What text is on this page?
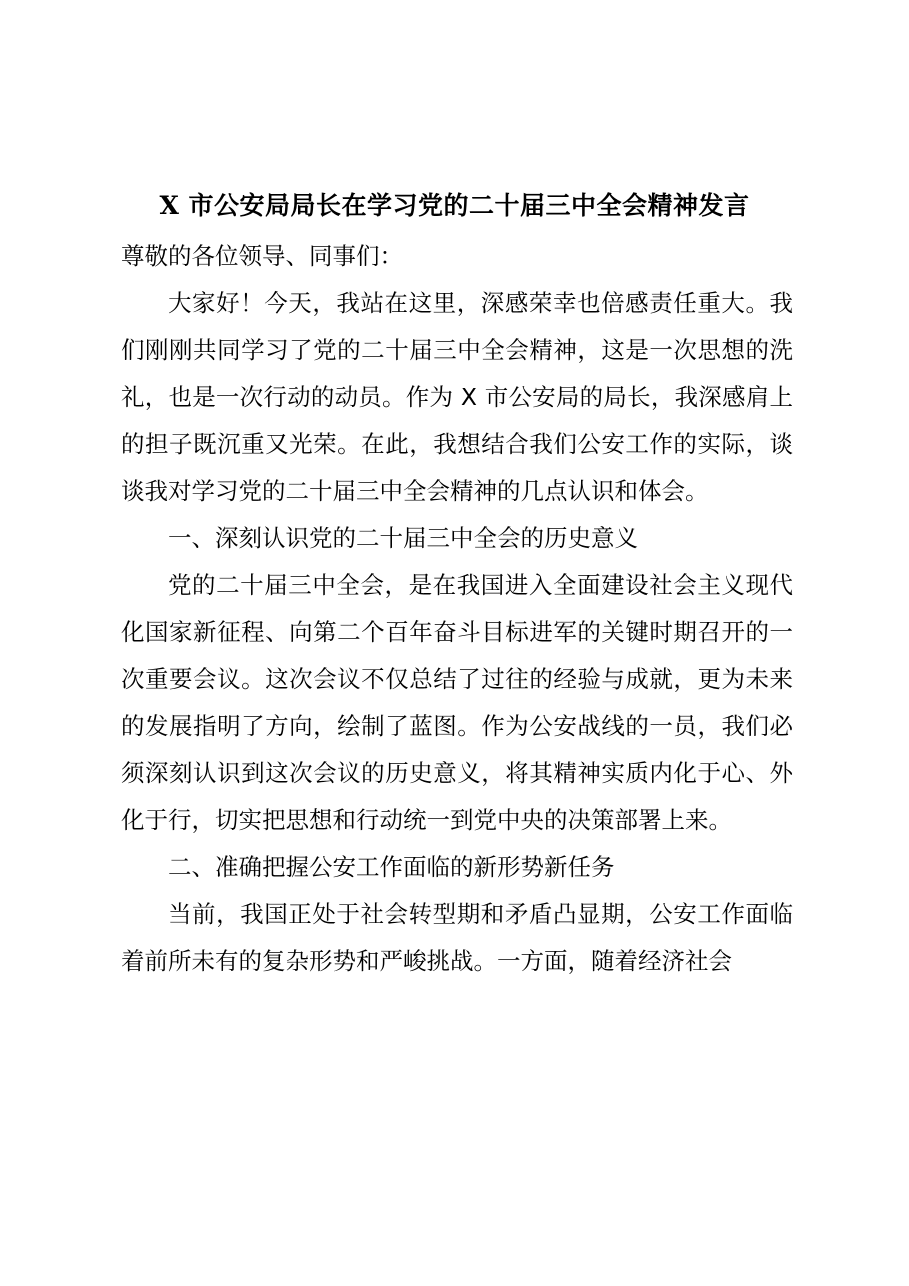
X 市公安局局长在学习党的二十届三中全会精神发言

尊敬的各位领导、同事们：

大家好！今天，我站在这里，深感荣幸也倍感责任重大。我们刚刚共同学习了党的二十届三中全会精神，这是一次思想的洗礼，也是一次行动的动员。作为 X 市公安局的局长，我深感肩上的担子既沉重又光荣。在此，我想结合我们公安工作的实际，谈谈我对学习党的二十届三中全会精神的几点认识和体会。

一、深刻认识党的二十届三中全会的历史意义

党的二十届三中全会，是在我国进入全面建设社会主义现代化国家新征程、向第二个百年奋斗目标进军的关键时期召开的一次重要会议。这次会议不仅总结了过往的经验与成就，更为未来的发展指明了方向，绘制了蓝图。作为公安战线的一员，我们必须深刻认识到这次会议的历史意义，将其精神实质内化于心、外化于行，切实把思想和行动统一到党中央的决策部署上来。

二、准确把握公安工作面临的新形势新任务

当前，我国正处于社会转型期和矛盾凸显期，公安工作面临着前所未有的复杂形势和严峻挑战。一方面，随着经济社会
